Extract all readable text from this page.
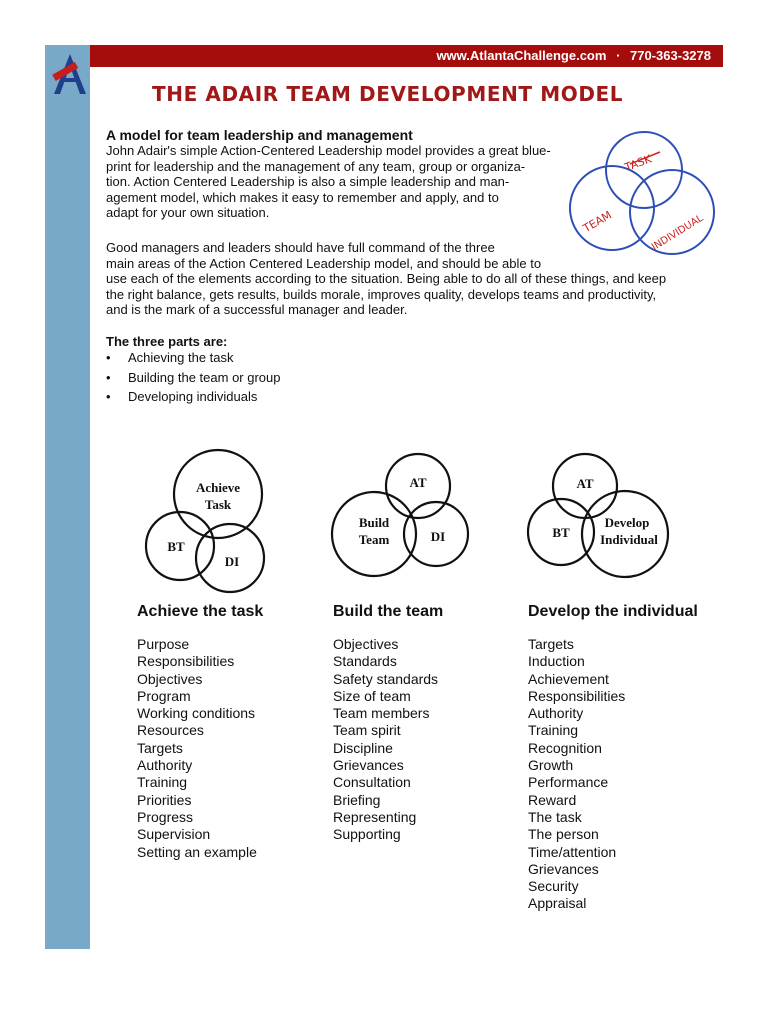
www.AtlantaChallenge.com · 770-363-3278
THE ADAIR TEAM DEVELOPMENT MODEL
A model for team leadership and management
John Adair's simple Action-Centered Leadership model provides a great blue-
print for leadership and the management of any team, group or organiza-
tion. Action Centered Leadership is also a simple leadership and man-
agement model, which makes it easy to remember and apply, and to
adapt for your own situation.
Good managers and leaders should have full command of the three
main areas of the Action Centered Leadership model, and should be able to
use each of the elements according to the situation. Being able to do all of these things, and keep
the right balance, gets results, builds morale, improves quality, develops teams and productivity,
and is the mark of a successful manager and leader.
The three parts are:
• Achieving the task
• Building the team or group
• Developing individuals
TASK
TEAM	INDIVIDUAL
Achieve
Task
BT
DI
AT
Build
Team	DI
AT
BT
Develop
Individual
Achieve the task
Purpose
Responsibilities
Objectives
Program
Working conditions
Resources
Targets
Authority
Training
Priorities
Progress
Supervision
Setting an example
Build the team
Objectives
Standards
Safety standards
Size of team
Team members
Team spirit
Discipline
Grievances
Consultation
Briefing
Representing
Supporting
Develop the individual
Targets
Induction
Achievement
Responsibilities
Authority
Training
Recognition
Growth
Performance
Reward
The task
The person
Time/attention
Grievances
Security
Appraisal
